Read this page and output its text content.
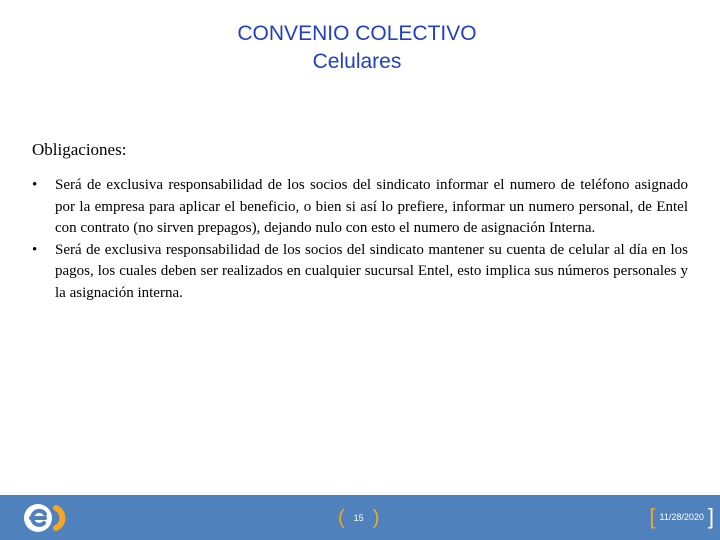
CONVENIO COLECTIVO
Celulares
Obligaciones:
•	Será de exclusiva responsabilidad de los socios del sindicato informar el numero de teléfono asignado por la empresa para aplicar el beneficio, o bien si así lo prefiere, informar un numero personal, de Entel con contrato (no sirven prepagos), dejando nulo con esto el numero de asignación Interna.
•	Será de exclusiva responsabilidad de los socios del sindicato mantener su cuenta de celular al día en los pagos, los cuales deben ser realizados en cualquier sucursal Entel, esto implica sus números personales y la asignación interna.
( 15 )	[ 11/28/2020 ]
